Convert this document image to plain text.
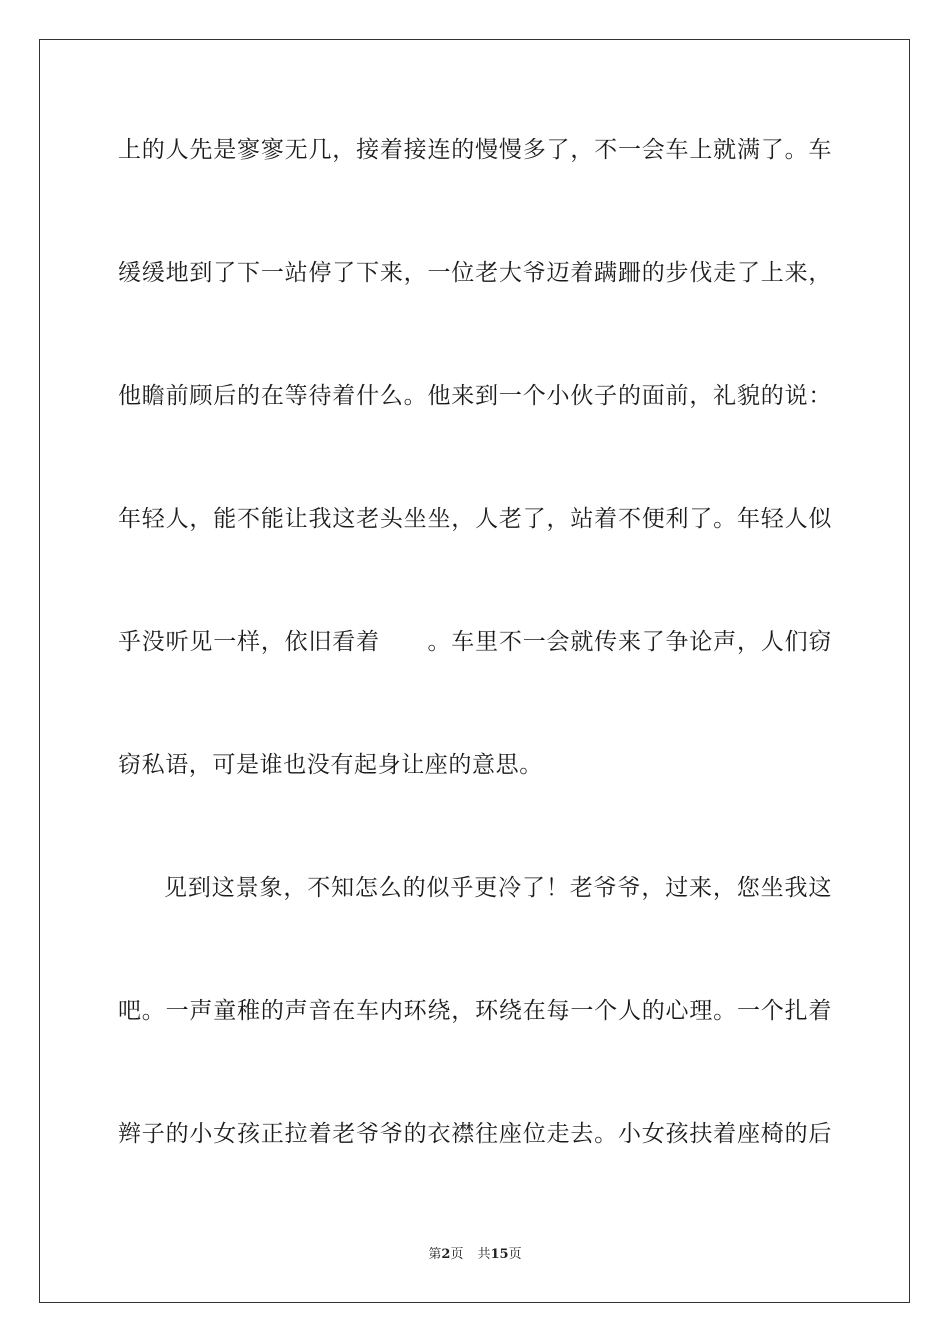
上的人先是寥寥无几，接着接连的慢慢多了，不一会车上就满了。车
缓缓地到了下一站停了下来，一位老大爷迈着蹒跚的步伐走了上来，
他瞻前顾后的在等待着什么。他来到一个小伙子的面前，礼貌的说：
年轻人，能不能让我这老头坐坐，人老了，站着不便利了。年轻人似
乎没听见一样，依旧看着　　。车里不一会就传来了争论声，人们窃
窃私语，可是谁也没有起身让座的意思。
见到这景象，不知怎么的似乎更冷了！老爷爷，过来，您坐我这
吧。一声童稚的声音在车内环绕，环绕在每一个人的心理。一个扎着
辫子的小女孩正拉着老爷爷的衣襟往座位走去。小女孩扶着座椅的后
第2页 共15页
